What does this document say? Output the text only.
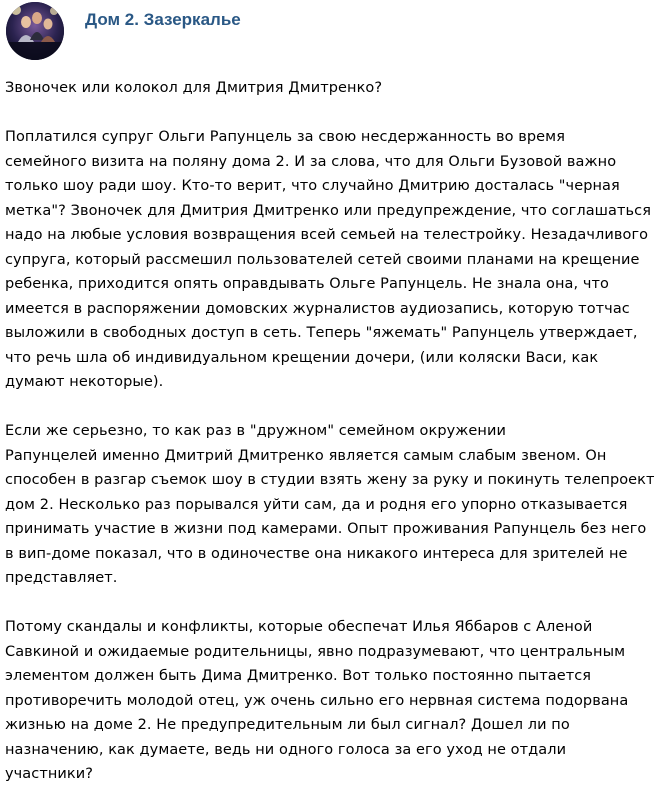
Дом 2. Зазеркалье

Звоночек или колокол для Дмитрия Дмитренко?

Поплатился супруг Ольги Рапунцель за свою несдержанность во время
семейного визита на поляну дома 2. И за слова, что для Ольги Бузовой важно
только шоу ради шоу. Кто-то верит, что случайно Дмитрию досталась "черная
метка"? Звоночек для Дмитрия Дмитренко или предупреждение, что соглашаться
надо на любые условия возвращения всей семьей на телестройку. Незадачливого
супруга, который рассмешил пользователей сетей своими планами на крещение
ребенка, приходится опять оправдывать Ольге Рапунцель. Не знала она, что
имеется в распоряжении домовских журналистов аудиозапись, которую тотчас
выложили в свободных доступ в сеть. Теперь "яжемать" Рапунцель утверждает,
что речь шла об индивидуальном крещении дочери, (или коляски Васи, как
думают некоторые).

Если же серьезно, то как раз в "дружном" семейном окружении
Рапунцелей именно Дмитрий Дмитренко является самым слабым звеном. Он
способен в разгар съемок шоу в студии взять жену за руку и покинуть телепроект
дом 2. Несколько раз порывался уйти сам, да и родня его упорно отказывается
принимать участие в жизни под камерами. Опыт проживания Рапунцель без него
в вип-доме показал, что в одиночестве она никакого интереса для зрителей не
представляет.

Потому скандалы и конфликты, которые обеспечат Илья Яббаров с Аленой
Савкиной и ожидаемые родительницы, явно подразумевают, что центральным
элементом должен быть Дима Дмитренко. Вот только постоянно пытается
противоречить молодой отец, уж очень сильно его нервная система подорвана
жизнью на доме 2. Не предупредительным ли был сигнал? Дошел ли по
назначению, как думаете, ведь ни одного голоса за его уход не отдали
участники?
